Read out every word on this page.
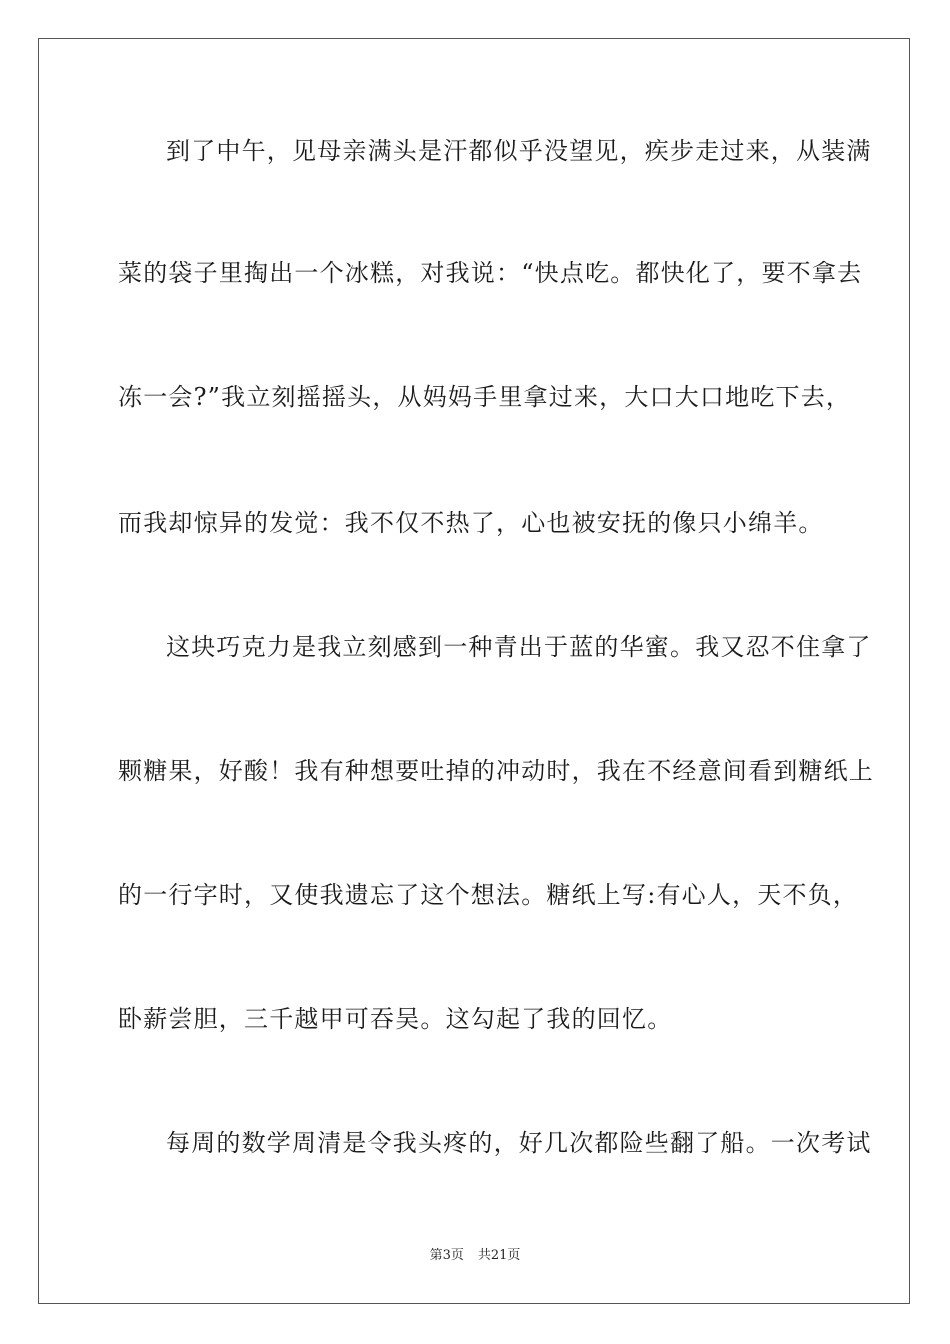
到了中午，见母亲满头是汗都似乎没望见，疾步走过来，从装满
菜的袋子里掏出一个冰糕，对我说：“快点吃。都快化了，要不拿去
冻一会?”我立刻摇摇头，从妈妈手里拿过来，大口大口地吃下去，
而我却惊异的发觉：我不仅不热了，心也被安抚的像只小绵羊。
这块巧克力是我立刻感到一种青出于蓝的华蜜。我又忍不住拿了
颗糖果，好酸！我有种想要吐掉的冲动时，我在不经意间看到糖纸上
的一行字时，又使我遗忘了这个想法。糖纸上写:有心人，天不负，
卧薪尝胆，三千越甲可吞吴。这勾起了我的回忆。
每周的数学周清是令我头疼的，好几次都险些翻了船。一次考试
第3页 共21页
